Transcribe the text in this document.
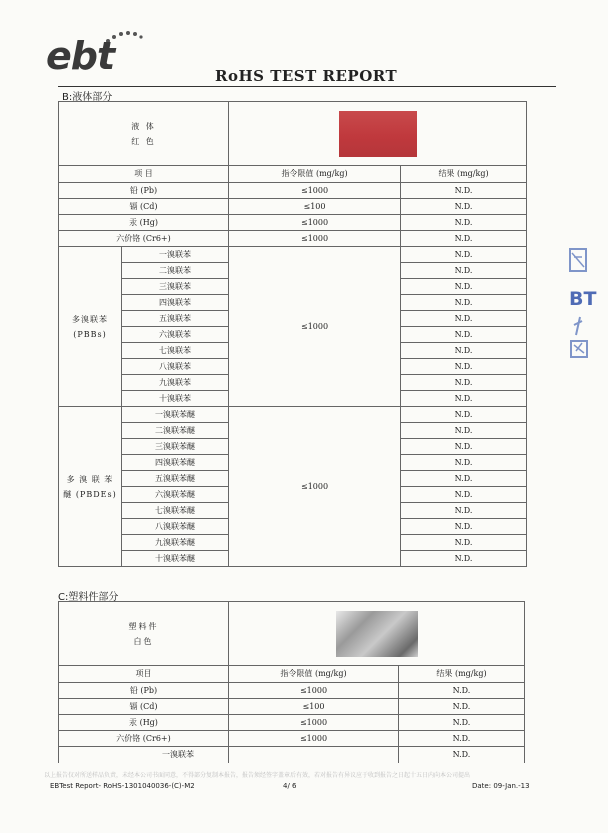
ebt	RoHS TEST REPORT
B:液体部分
液 体
红 色			

项 目		指令限值 (mg/kg)	结果 (mg/kg)
铅 (Pb)		≤1000	N.D.
镉 (Cd)		≤100	N.D.
汞 (Hg)		≤1000	N.D.
六价铬 (Cr6+)		≤1000	N.D.

多溴联苯
(PBBs)	一溴联苯	≤1000	N.D.
	二溴联苯		N.D.
	三溴联苯		N.D.
	四溴联苯		N.D.
	五溴联苯		N.D.
	六溴联苯		N.D.
	七溴联苯		N.D.
	八溴联苯		N.D.
	九溴联苯		N.D.
	十溴联苯		N.D.

多 溴 联 苯
醚 (PBDEs)	一溴联苯醚	≤1000	N.D.
	二溴联苯醚		N.D.
	三溴联苯醚		N.D.
	四溴联苯醚		N.D.
	五溴联苯醚		N.D.
	六溴联苯醚		N.D.
	七溴联苯醚		N.D.
	八溴联苯醚		N.D.
	九溴联苯醚		N.D.
	十溴联苯醚		N.D.
C:塑料件部分
塑料件
白色		

项目	指令限值 (mg/kg)	结果 (mg/kg)
铅 (Pb)	≤1000	N.D.
镉 (Cd)	≤100	N.D.
汞 (Hg)	≤1000	N.D.
六价铬 (Cr6+)	≤1000	N.D.
一溴联苯		N.D.
BT
以上报告仅对所送样品负责，未经本公司书面同意，不得部分复制本报告，报告须经签字盖章后有效，若对报告有异议应于收到报告之日起十五日内向本公司提出
EBTest Report- RoHS-1301040036-(C)-M2	4/ 6	Date: 09-Jan.-13
